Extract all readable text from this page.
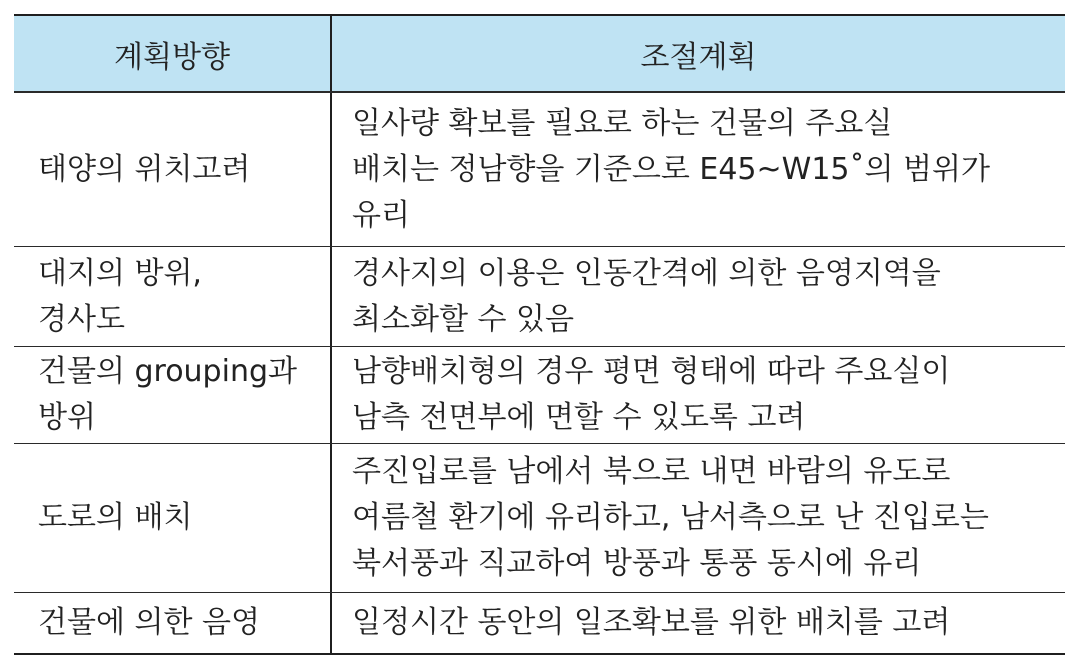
계획방향	조절계획
태양의 위치고려
일사량 확보를 필요로 하는 건물의 주요실
배치는 정남향을 기준으로 E45~W15˚의 범위가
유리
대지의 방위,
경사도
경사지의 이용은 인동간격에 의한 음영지역을
최소화할 수 있음
건물의 grouping과
방위
남향배치형의 경우 평면 형태에 따라 주요실이
남측 전면부에 면할 수 있도록 고려
도로의 배치
주진입로를 남에서 북으로 내면 바람의 유도로
여름철 환기에 유리하고, 남서측으로 난 진입로는
북서풍과 직교하여 방풍과 통풍 동시에 유리
건물에 의한 음영	일정시간 동안의 일조확보를 위한 배치를 고려
